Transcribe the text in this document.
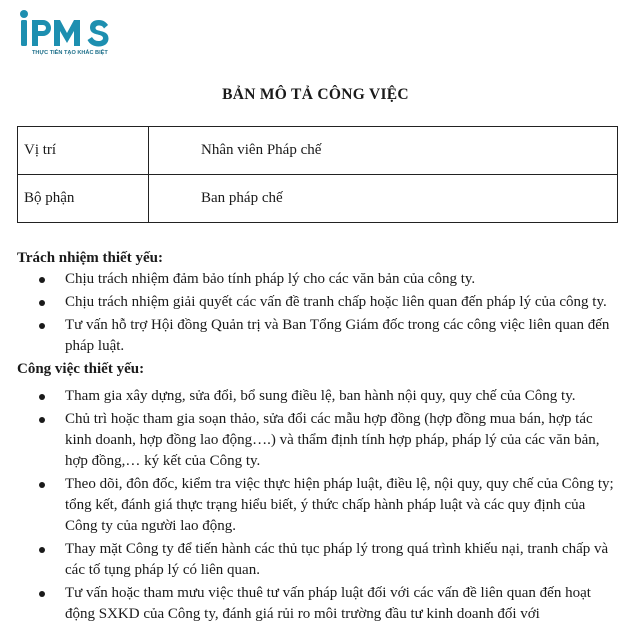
THỰC TIỄN TẠO KHÁC BIỆT
BẢN MÔ TẢ CÔNG VIỆC
Vị trí	Nhân viên Pháp chế
Bộ phận	Ban pháp chế

Trách nhiệm thiết yếu:

Chịu trách nhiệm đảm bảo tính pháp lý cho các văn bản của công ty.
Chịu trách nhiệm giải quyết các vấn đề tranh chấp hoặc liên quan đến pháp lý của công ty.
Tư vấn hỗ trợ Hội đồng Quản trị và Ban Tổng Giám đốc trong các công việc liên quan đến pháp luật.

Công việc thiết yếu:

Tham gia xây dựng, sửa đổi, bổ sung điều lệ, ban hành nội quy, quy chế của Công ty.
Chủ trì hoặc tham gia soạn thảo, sửa đổi các mẫu hợp đồng (hợp đồng mua bán, hợp tác kinh doanh, hợp đồng lao động….) và thẩm định tính hợp pháp, pháp lý của các văn bản, hợp đồng,… ký kết của Công ty.
Theo dõi, đôn đốc, kiểm tra việc thực hiện pháp luật, điều lệ, nội quy, quy chế của Công ty; tổng kết, đánh giá thực trạng hiểu biết, ý thức chấp hành pháp luật và các quy định của Công ty của người lao động.
Thay mặt Công ty để tiến hành các thủ tục pháp lý trong quá trình khiếu nại, tranh chấp và các tố tụng pháp lý có liên quan.
Tư vấn hoặc tham mưu việc thuê tư vấn pháp luật đối với các vấn đề liên quan đến hoạt động SXKD của Công ty, đánh giá rủi ro môi trường đầu tư kinh doanh đối với
